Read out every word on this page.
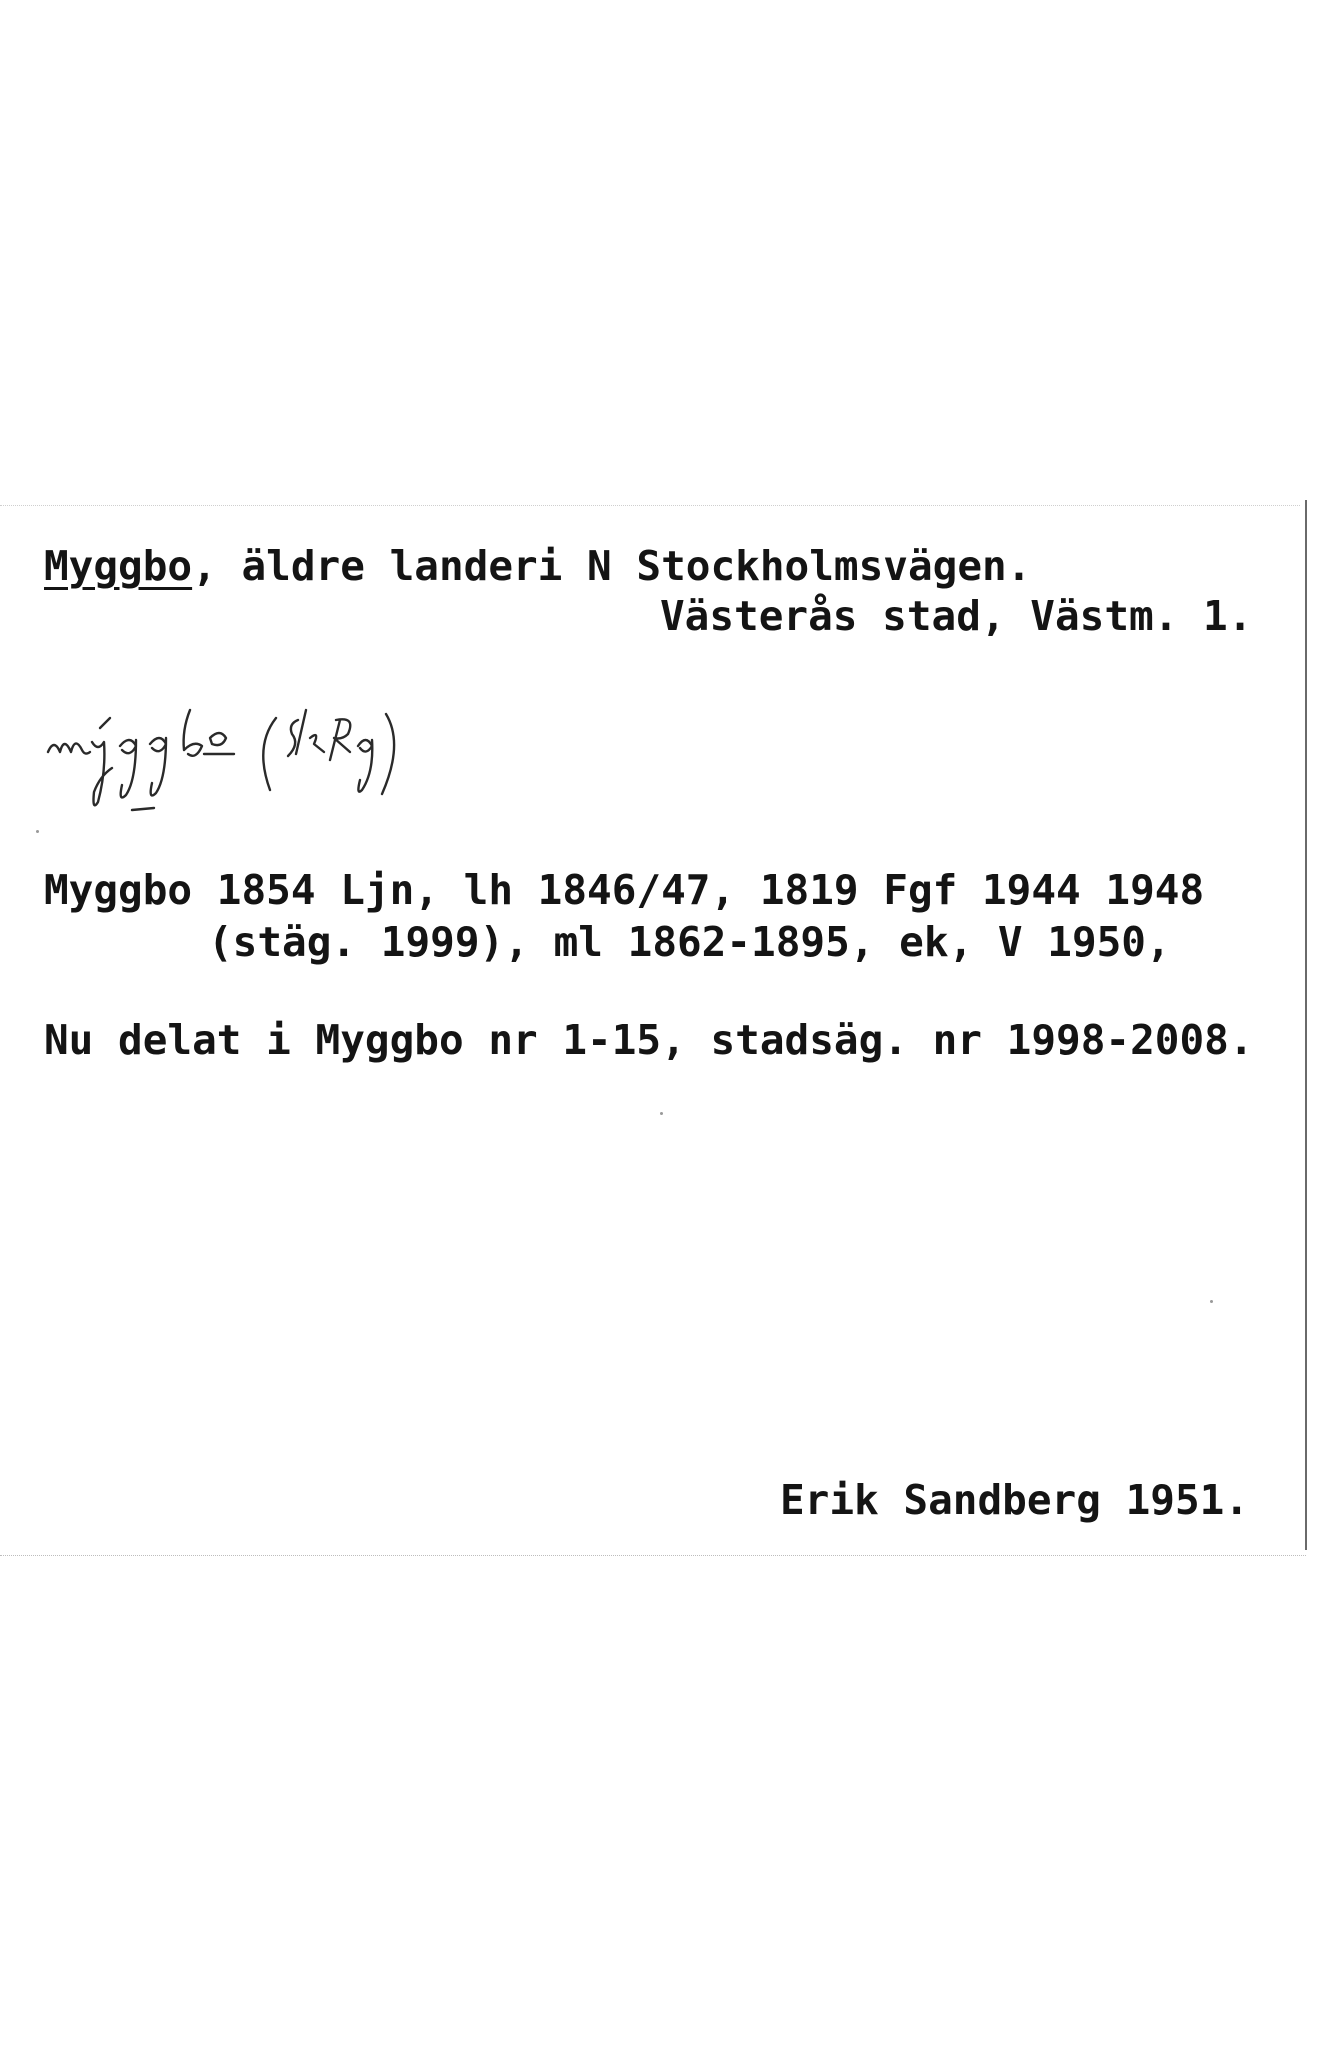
Myggbo, äldre landeri N Stockholmsvägen.
Västerås stad, Västm. 1.
Myggbo 1854 Ljn, lh 1846/47, 1819 Fgf 1944 1948
(stäg. 1999), ml 1862-1895, ek, V 1950,
Nu delat i Myggbo nr 1-15, stadsäg. nr 1998-2008.
Erik Sandberg 1951.
